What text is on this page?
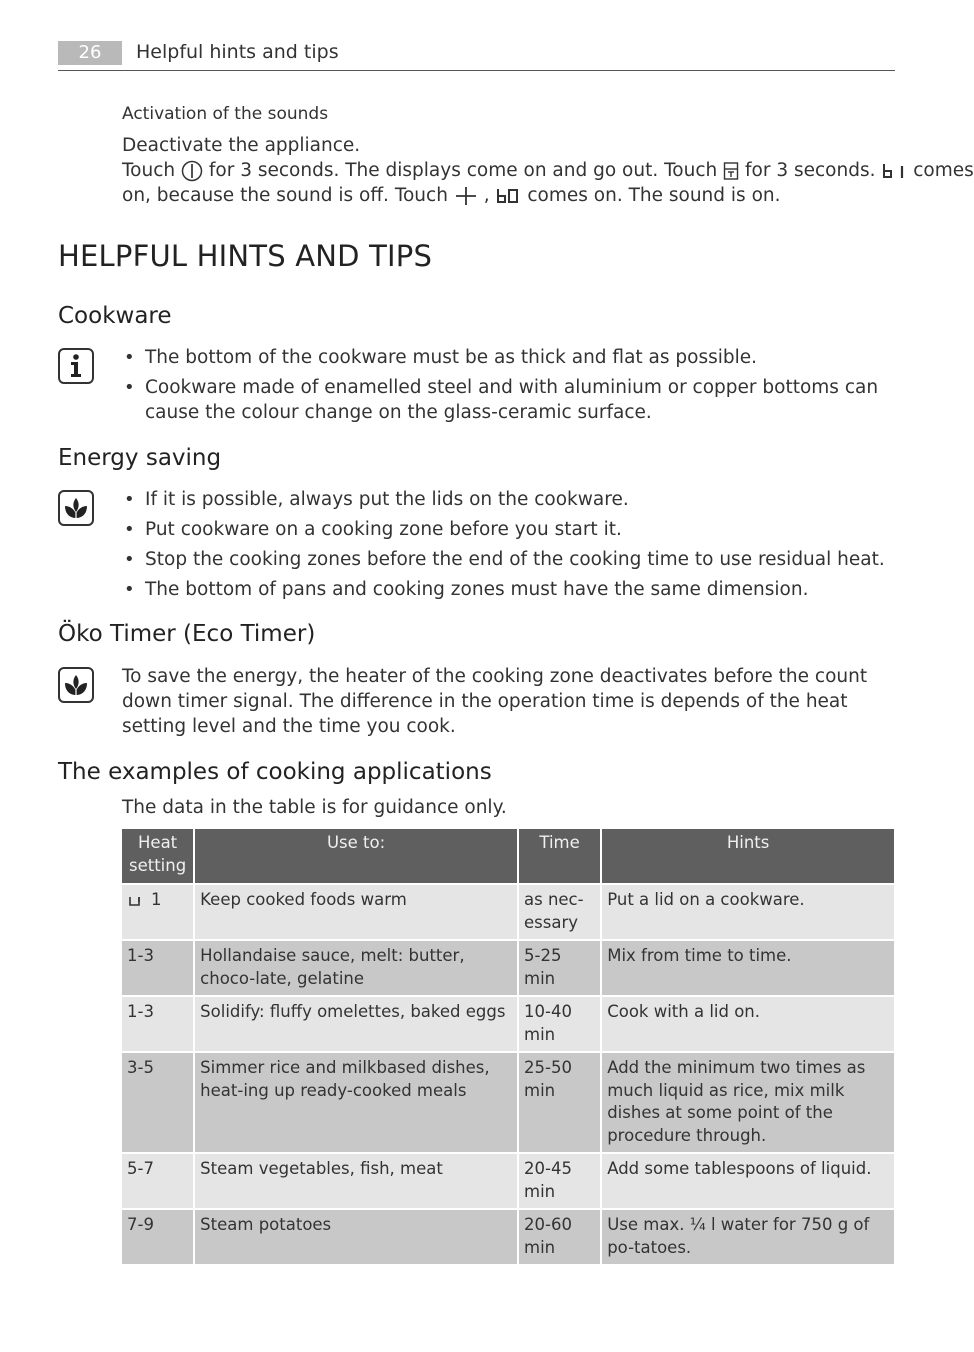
26	Helpful hints and tips
Activation of the sounds
Deactivate the appliance.
Touch for 3 seconds. The displays come on and go out. Touch for 3 seconds. comes
on, because the sound is off. Touch , comes on. The sound is on.
HELPFUL HINTS AND TIPS
Cookware
• The bottom of the cookware must be as thick and flat as possible.
• Cookware made of enamelled steel and with aluminium or copper bottoms can cause the colour change on the glass-ceramic surface.
Energy saving
• If it is possible, always put the lids on the cookware.
• Put cookware on a cooking zone before you start it.
• Stop the cooking zones before the end of the cooking time to use residual heat.
• The bottom of pans and cooking zones must have the same dimension.
Öko Timer (Eco Timer)
To save the energy, the heater of the cooking zone deactivates before the count down timer signal. The difference in the operation time is depends of the heat setting level and the time you cook.
The examples of cooking applications
The data in the table is for guidance only.
Heat setting	Use to:	Time	Hints
1	Keep cooked foods warm	as nec-essary	Put a lid on a cookware.
1-3	Hollandaise sauce, melt: butter, choco-late, gelatine	5-25 min	Mix from time to time.
1-3	Solidify: fluffy omelettes, baked eggs	10-40 min	Cook with a lid on.
3-5	Simmer rice and milkbased dishes, heat-ing up ready-cooked meals	25-50 min	Add the minimum two times as much liquid as rice, mix milk dishes at some point of the procedure through.
5-7	Steam vegetables, fish, meat	20-45 min	Add some tablespoons of liquid.
7-9	Steam potatoes	20-60 min	Use max. ¼ l water for 750 g of po-tatoes.
